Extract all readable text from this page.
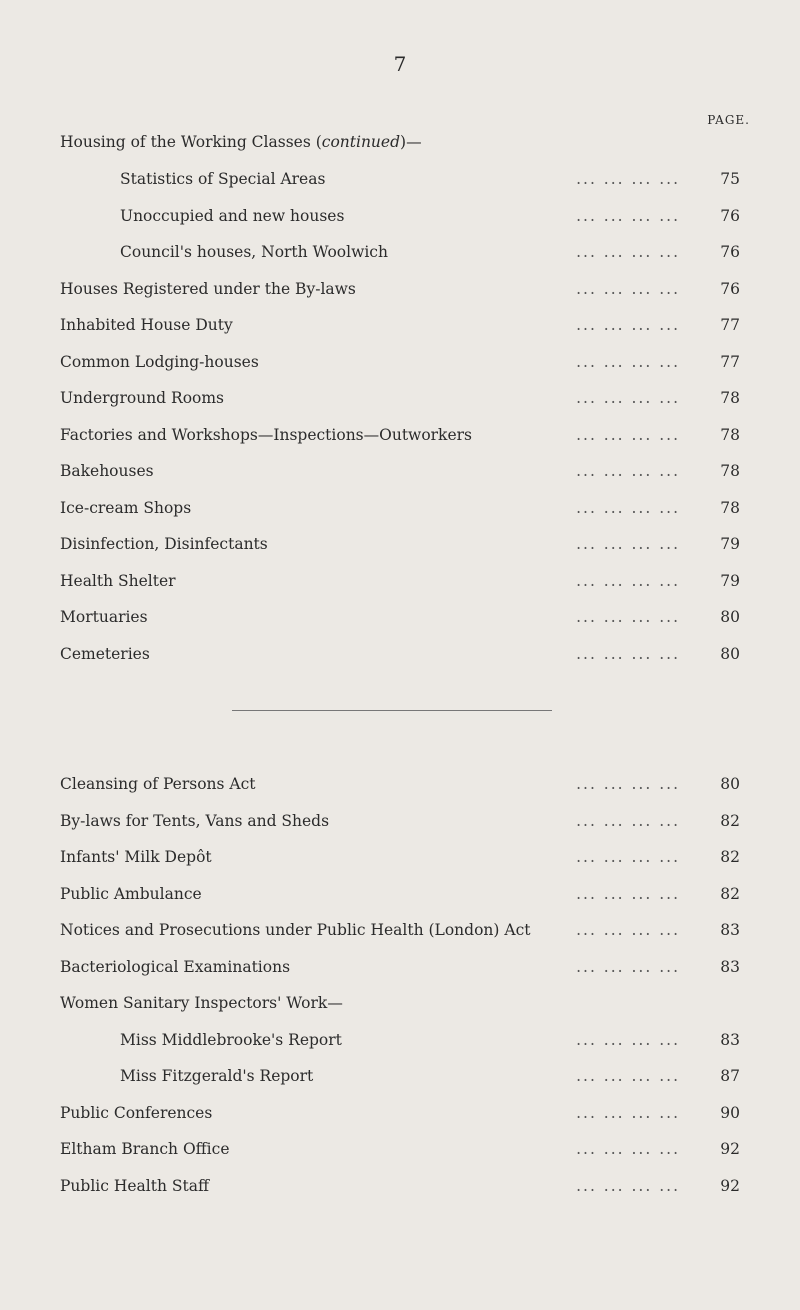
7
PAGE.
Housing of the Working Classes (continued)—
Statistics of Special Areas	... ... ... ...	75
Unoccupied and new houses	... ... ... ...	76
Council's houses, North Woolwich	... ... ... ...	76
Houses Registered under the By-laws	... ... ... ...	76
Inhabited House Duty	... ... ... ...	77
Common Lodging-houses	... ... ... ...	77
Underground Rooms	... ... ... ...	78
Factories and Workshops—Inspections—Outworkers	... ... ... ...	78
Bakehouses	... ... ... ...	78
Ice-cream Shops	... ... ... ...	78
Disinfection, Disinfectants	... ... ... ...	79
Health Shelter	... ... ... ...	79
Mortuaries	... ... ... ...	80
Cemeteries	... ... ... ...	80
Cleansing of Persons Act	... ... ... ...	80
By-laws for Tents, Vans and Sheds	... ... ... ...	82
Infants' Milk Depôt	... ... ... ...	82
Public Ambulance	... ... ... ...	82
Notices and Prosecutions under Public Health (London) Act	... ... ... ...	83
Bacteriological Examinations	... ... ... ...	83
Women Sanitary Inspectors' Work—
Miss Middlebrooke's Report	... ... ... ...	83
Miss Fitzgerald's Report	... ... ... ...	87
Public Conferences	... ... ... ...	90
Eltham Branch Office	... ... ... ...	92
Public Health Staff	... ... ... ...	92
